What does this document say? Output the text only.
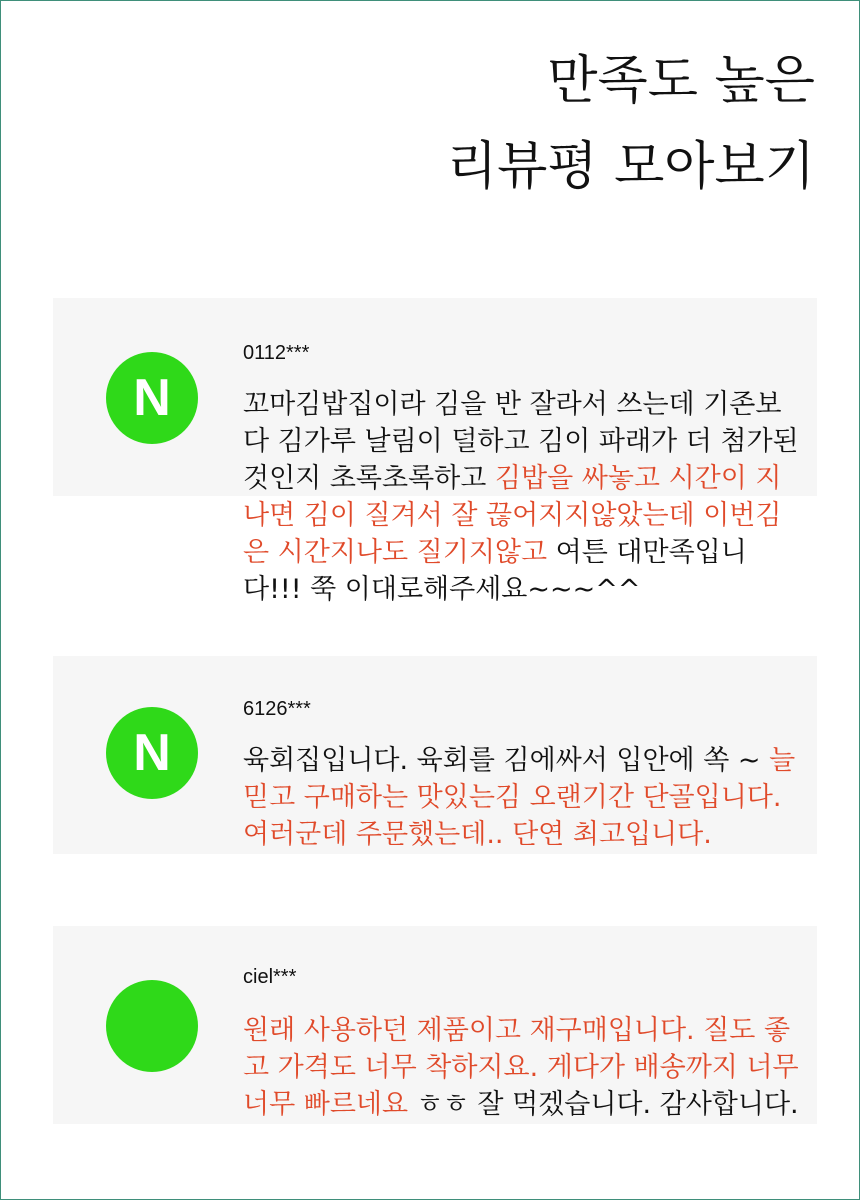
만족도 높은
리뷰평 모아보기
N
0112***
꼬마김밥집이라 김을 반 잘라서 쓰는데 기존보다 김가루 날림이 덜하고 김이 파래가 더 첨가된것인지 초록초록하고 김밥을 싸놓고 시간이 지나면 김이 질겨서 잘 끊어지지않았는데 이번김은 시간지나도 질기지않고 여튼 대만족입니다!!! 쭉 이대로해주세요~~~^^
N
6126***
육회집입니다. 육회를 김에싸서 입안에 쏙 ~ 늘 믿고 구매하는 맛있는김 오랜기간 단골입니다. 여러군데 주문했는데.. 단연 최고입니다.
ciel***
원래 사용하던 제품이고 재구매입니다. 질도 좋고 가격도 너무 착하지요. 게다가 배송까지 너무너무 빠르네요 ㅎㅎ 잘 먹겠습니다. 감사합니다.
